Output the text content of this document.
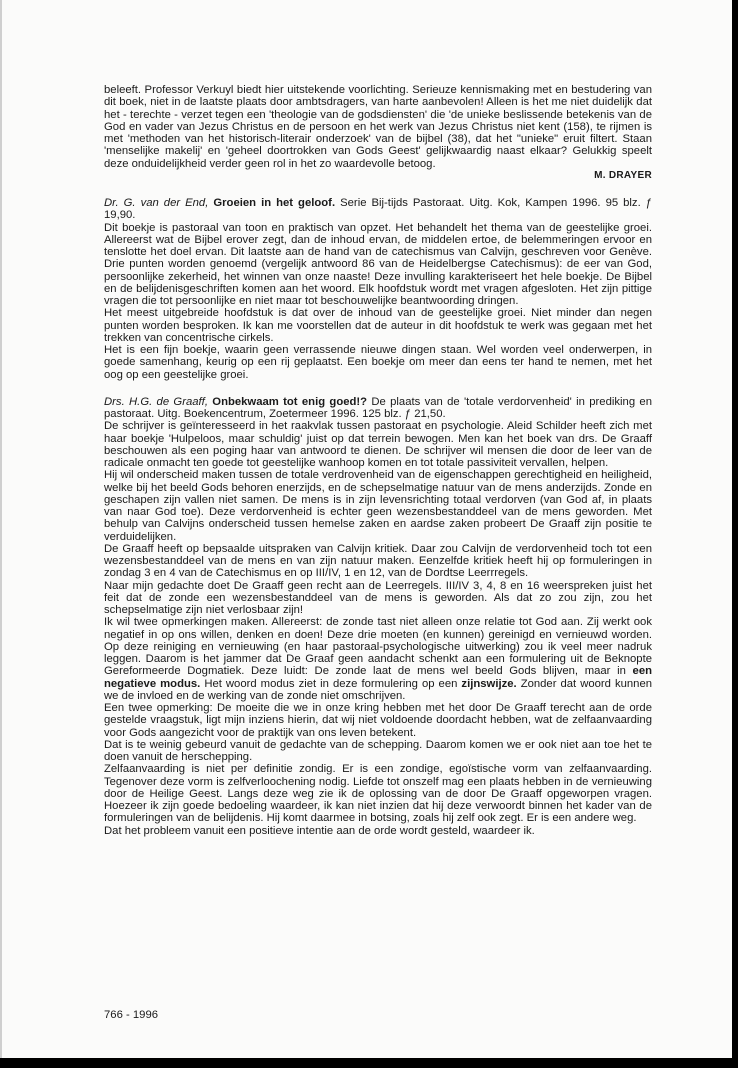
beleeft. Professor Verkuyl biedt hier uitstekende voorlichting. Serieuze kennismaking met en bestudering van dit boek, niet in de laatste plaats door ambtsdragers, van harte aanbevolen! Alleen is het me niet duidelijk dat het - terechte - verzet tegen een 'theologie van de godsdiensten' die 'de unieke beslissende betekenis van de God en vader van Jezus Christus en de persoon en het werk van Jezus Christus niet kent (158), te rijmen is met 'methoden van het historisch-literair onderzoek' van de bijbel (38), dat het "unieke" eruit filtert. Staan 'menselijke makelij' en 'geheel doortrokken van Gods Geest' gelijkwaardig naast elkaar? Gelukkig speelt deze onduidelijkheid verder geen rol in het zo waardevolle betoog.

M. DRAYER

Dr. G. van der End, Groeien in het geloof. Serie Bij-tijds Pastoraat. Uitg. Kok, Kampen 1996. 95 blz. ƒ 19,90.

Dit boekje is pastoraal van toon en praktisch van opzet. Het behandelt het thema van de geestelijke groei. Allereerst wat de Bijbel erover zegt, dan de inhoud ervan, de middelen ertoe, de belemmeringen ervoor en tenslotte het doel ervan. Dit laatste aan de hand van de catechismus van Calvijn, geschreven voor Genève. Drie punten worden genoemd (vergelijk antwoord 86 van de Heidelbergse Catechismus): de eer van God, persoonlijke zekerheid, het winnen van onze naaste! Deze invulling karakteriseert het hele boekje. De Bijbel en de belijdenisgeschriften komen aan het woord. Elk hoofdstuk wordt met vragen afgesloten. Het zijn pittige vragen die tot persoonlijke en niet maar tot beschouwelijke beantwoording dringen.

Het meest uitgebreide hoofdstuk is dat over de inhoud van de geestelijke groei. Niet minder dan negen punten worden besproken. Ik kan me voorstellen dat de auteur in dit hoofdstuk te werk was gegaan met het trekken van concentrische cirkels.

Het is een fijn boekje, waarin geen verrassende nieuwe dingen staan. Wel worden veel onderwerpen, in goede samenhang, keurig op een rij geplaatst. Een boekje om meer dan eens ter hand te nemen, met het oog op een geestelijke groei.

Drs. H.G. de Graaff, Onbekwaam tot enig goed!? De plaats van de 'totale verdorvenheid' in prediking en pastoraat. Uitg. Boekencentrum, Zoetermeer 1996. 125 blz. ƒ 21,50.

De schrijver is geïnteresseerd in het raakvlak tussen pastoraat en psychologie. Aleid Schilder heeft zich met haar boekje 'Hulpeloos, maar schuldig' juist op dat terrein bewogen. Men kan het boek van drs. De Graaff beschouwen als een poging haar van antwoord te dienen. De schrijver wil mensen die door de leer van de radicale onmacht ten goede tot geestelijke wanhoop komen en tot totale passiviteit vervallen, helpen.

Hij wil onderscheid maken tussen de totale verdrovenheid van de eigenschappen gerechtigheid en heiligheid, welke bij het beeld Gods behoren enerzijds, en de schepselmatige natuur van de mens anderzijds. Zonde en geschapen zijn vallen niet samen. De mens is in zijn levensrichting totaal verdorven (van God af, in plaats van naar God toe). Deze verdorvenheid is echter geen wezensbestanddeel van de mens geworden. Met behulp van Calvijns onderscheid tussen hemelse zaken en aardse zaken probeert De Graaff zijn positie te verduidelijken.

De Graaff heeft op bepsaalde uitspraken van Calvijn kritiek. Daar zou Calvijn de verdorvenheid toch tot een wezensbestanddeel van de mens en van zijn natuur maken. Eenzelfde kritiek heeft hij op formuleringen in zondag 3 en 4 van de Catechismus en op III/IV, 1 en 12, van de Dordtse Leerrregels.

Naar mijn gedachte doet De Graaff geen recht aan de Leerregels. III/IV 3, 4, 8 en 16 weerspreken juist het feit dat de zonde een wezensbestanddeel van de mens is geworden. Als dat zo zou zijn, zou het schepselmatige zijn niet verlosbaar zijn!

Ik wil twee opmerkingen maken. Allereerst: de zonde tast niet alleen onze relatie tot God aan. Zij werkt ook negatief in op ons willen, denken en doen! Deze drie moeten (en kunnen) gereinigd en vernieuwd worden. Op deze reiniging en vernieuwing (en haar pastoraal-psychologische uitwerking) zou ik veel meer nadruk leggen. Daarom is het jammer dat De Graaf geen aandacht schenkt aan een formulering uit de Beknopte Gereformeerde Dogmatiek. Deze luidt: De zonde laat de mens wel beeld Gods blijven, maar in een negatieve modus. Het woord modus ziet in deze formulering op een zijnswijze. Zonder dat woord kunnen we de invloed en de werking van de zonde niet omschrijven.

Een twee opmerking: De moeite die we in onze kring hebben met het door De Graaff terecht aan de orde gestelde vraagstuk, ligt mijn inziens hierin, dat wij niet voldoende doordacht hebben, wat de zelfaanvaarding voor Gods aangezicht voor de praktijk van ons leven betekent.

Dat is te weinig gebeurd vanuit de gedachte van de schepping. Daarom komen we er ook niet aan toe het te doen vanuit de herschepping.

Zelfaanvaarding is niet per definitie zondig. Er is een zondige, egoïstische vorm van zelfaanvaarding. Tegenover deze vorm is zelfverloochening nodig. Liefde tot onszelf mag een plaats hebben in de vernieuwing door de Heilige Geest. Langs deze weg zie ik de oplossing van de door De Graaff opgeworpen vragen. Hoezeer ik zijn goede bedoeling waardeer, ik kan niet inzien dat hij deze verwoordt binnen het kader van de formuleringen van de belijdenis. Hij komt daarmee in botsing, zoals hij zelf ook zegt. Er is een andere weg.

Dat het probleem vanuit een positieve intentie aan de orde wordt gesteld, waardeer ik.

766 - 1996
